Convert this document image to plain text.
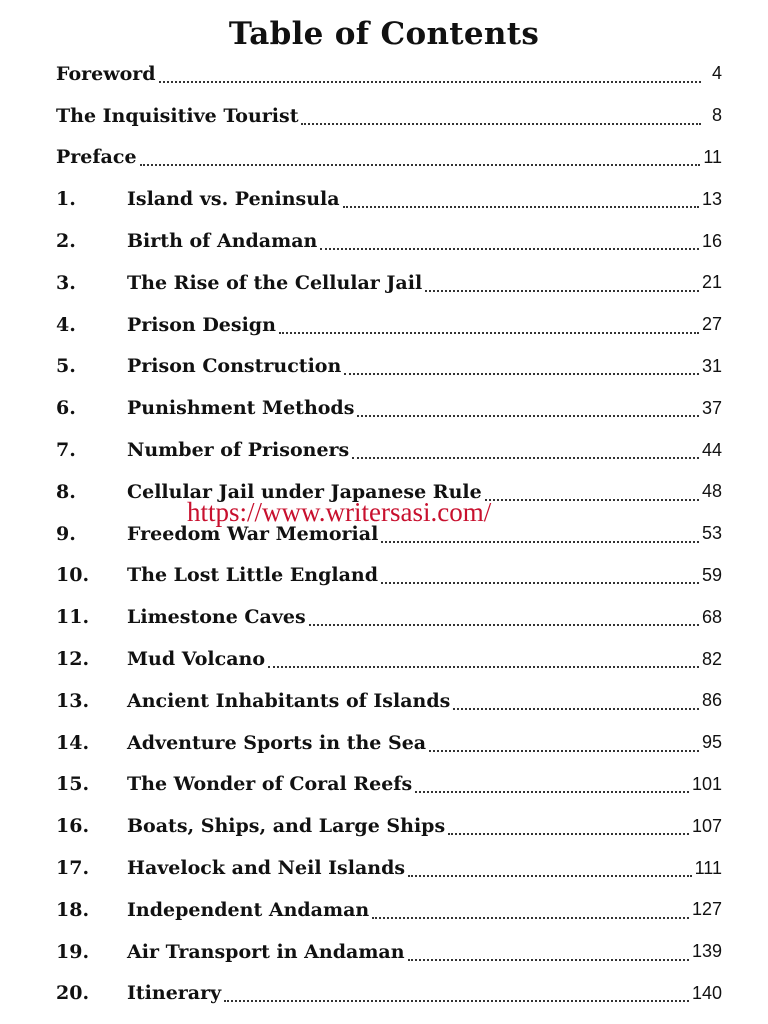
Table of Contents
Foreword	4
The Inquisitive Tourist	8
Preface	11
1.	Island vs. Peninsula	13
2.	Birth of Andaman	16
3.	The Rise of the Cellular Jail	21
4.	Prison Design	27
5.	Prison Construction	31
6.	Punishment Methods	37
7.	Number of Prisoners	44
8.	Cellular Jail under Japanese Rule	48
9.	Freedom War Memorial	53
10.	The Lost Little England	59
11.	Limestone Caves	68
12.	Mud Volcano	82
13.	Ancient Inhabitants of Islands	86
14.	Adventure Sports in the Sea	95
15.	The Wonder of Coral Reefs	101
16.	Boats, Ships, and Large Ships	107
17.	Havelock and Neil Islands	111
18.	Independent Andaman	127
19.	Air Transport in Andaman	139
20.	Itinerary	140
https://www.writersasi.com/
